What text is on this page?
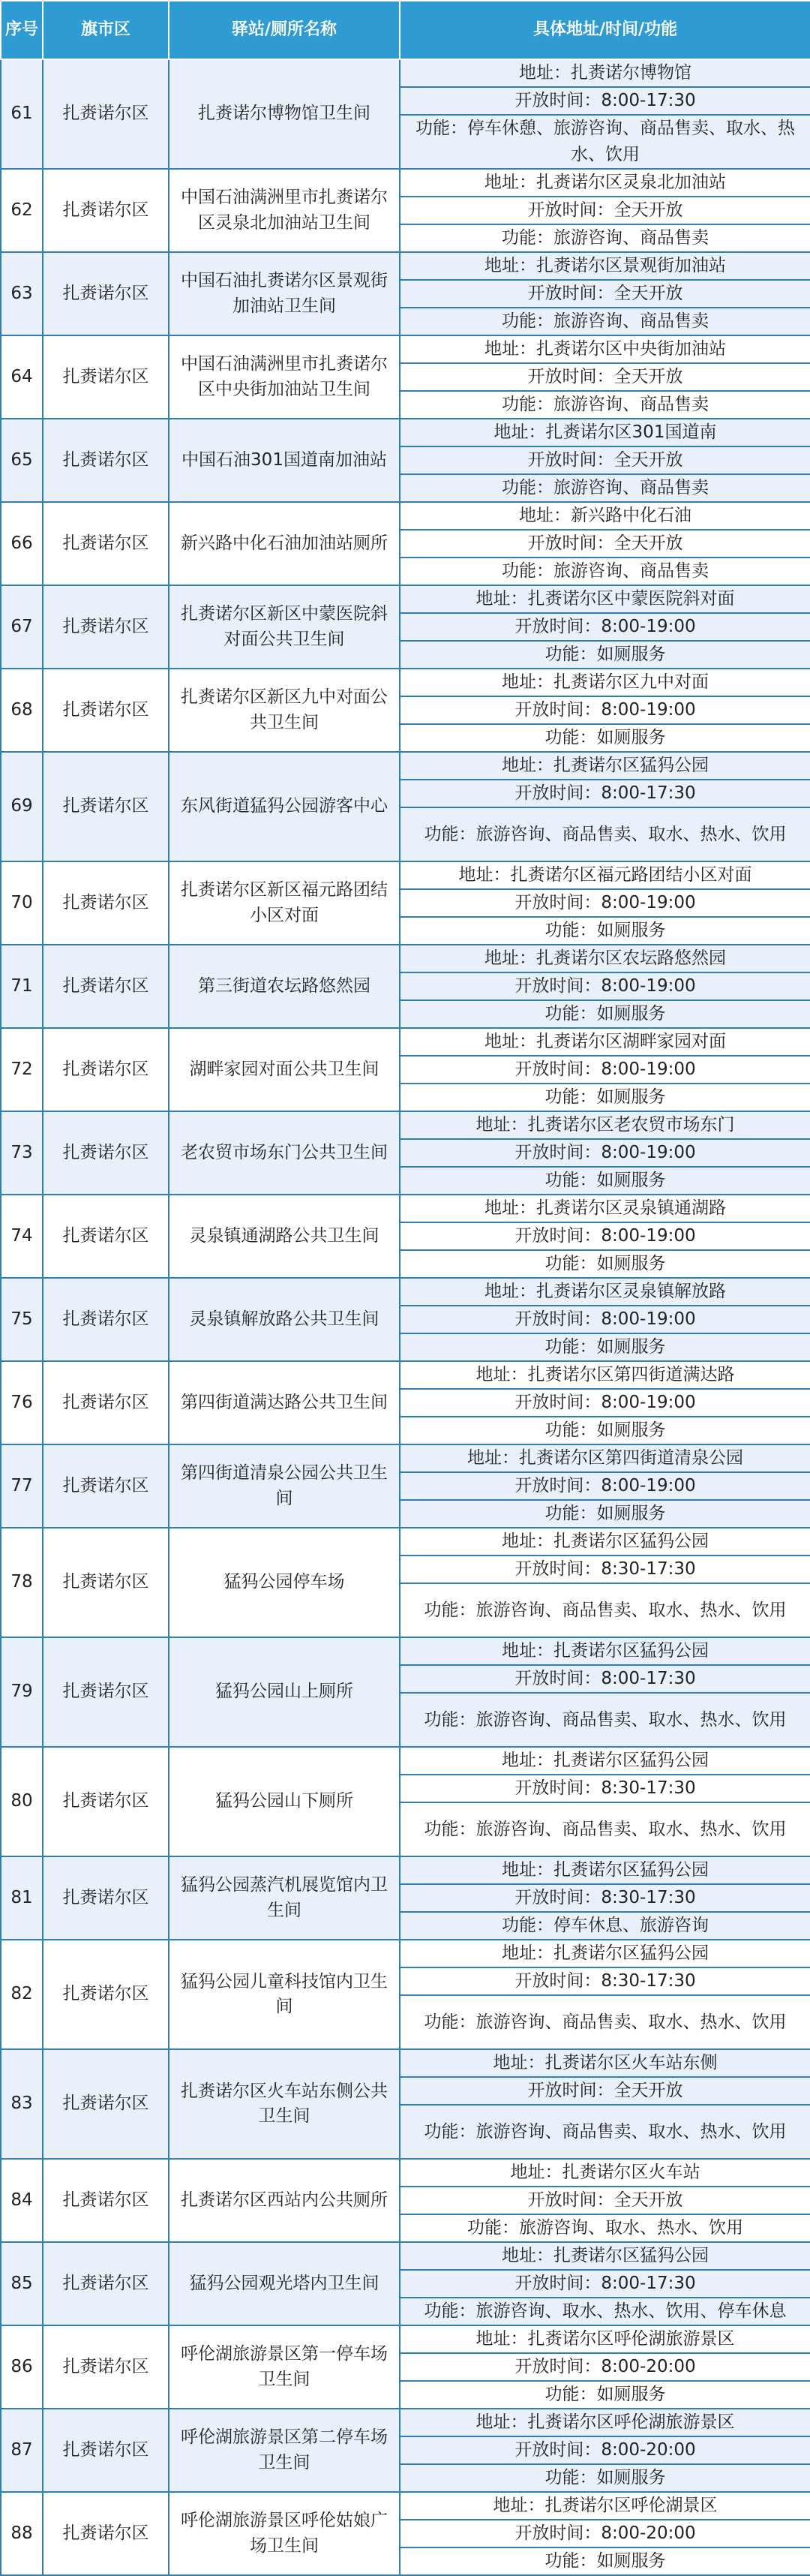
序号	旗市区	驿站/厕所名称	具体地址/时间/功能
61	扎赉诺尔区	扎赉诺尔博物馆卫生间	地址：扎赉诺尔博物馆
			开放时间：8:00-17:30
			功能：停车休憩、旅游咨询、商品售卖、取水、热水、饮用
62	扎赉诺尔区	中国石油满洲里市扎赉诺尔区灵泉北加油站卫生间	地址：扎赉诺尔区灵泉北加油站
			开放时间：全天开放
			功能：旅游咨询、商品售卖
63	扎赉诺尔区	中国石油扎赉诺尔区景观街加油站卫生间	地址：扎赉诺尔区景观街加油站
			开放时间：全天开放
			功能：旅游咨询、商品售卖
64	扎赉诺尔区	中国石油满洲里市扎赉诺尔区中央街加油站卫生间	地址：扎赉诺尔区中央街加油站
			开放时间：全天开放
			功能：旅游咨询、商品售卖
65	扎赉诺尔区	中国石油301国道南加油站	地址：扎赉诺尔区301国道南
			开放时间：全天开放
			功能：旅游咨询、商品售卖
66	扎赉诺尔区	新兴路中化石油加油站厕所	地址：新兴路中化石油
			开放时间：全天开放
			功能：旅游咨询、商品售卖
67	扎赉诺尔区	扎赉诺尔区新区中蒙医院斜对面公共卫生间	地址：扎赉诺尔区中蒙医院斜对面
			开放时间：8:00-19:00
			功能：如厕服务
68	扎赉诺尔区	扎赉诺尔区新区九中对面公共卫生间	地址：扎赉诺尔区九中对面
			开放时间：8:00-19:00
			功能：如厕服务
69	扎赉诺尔区	东风街道猛犸公园游客中心	地址：扎赉诺尔区猛犸公园
			开放时间：8:00-17:30
			功能：旅游咨询、商品售卖、取水、热水、饮用
70	扎赉诺尔区	扎赉诺尔区新区福元路团结小区对面	地址：扎赉诺尔区福元路团结小区对面
			开放时间：8:00-19:00
			功能：如厕服务
71	扎赉诺尔区	第三街道农坛路悠然园	地址：扎赉诺尔区农坛路悠然园
			开放时间：8:00-19:00
			功能：如厕服务
72	扎赉诺尔区	湖畔家园对面公共卫生间	地址：扎赉诺尔区湖畔家园对面
			开放时间：8:00-19:00
			功能：如厕服务
73	扎赉诺尔区	老农贸市场东门公共卫生间	地址：扎赉诺尔区老农贸市场东门
			开放时间：8:00-19:00
			功能：如厕服务
74	扎赉诺尔区	灵泉镇通湖路公共卫生间	地址：扎赉诺尔区灵泉镇通湖路
			开放时间：8:00-19:00
			功能：如厕服务
75	扎赉诺尔区	灵泉镇解放路公共卫生间	地址：扎赉诺尔区灵泉镇解放路
			开放时间：8:00-19:00
			功能：如厕服务
76	扎赉诺尔区	第四街道满达路公共卫生间	地址：扎赉诺尔区第四街道满达路
			开放时间：8:00-19:00
			功能：如厕服务
77	扎赉诺尔区	第四街道清泉公园公共卫生间	地址：扎赉诺尔区第四街道清泉公园
			开放时间：8:00-19:00
			功能：如厕服务
78	扎赉诺尔区	猛犸公园停车场	地址：扎赉诺尔区猛犸公园
			开放时间：8:30-17:30
			功能：旅游咨询、商品售卖、取水、热水、饮用
79	扎赉诺尔区	猛犸公园山上厕所	地址：扎赉诺尔区猛犸公园
			开放时间：8:00-17:30
			功能：旅游咨询、商品售卖、取水、热水、饮用
80	扎赉诺尔区	猛犸公园山下厕所	地址：扎赉诺尔区猛犸公园
			开放时间：8:30-17:30
			功能：旅游咨询、商品售卖、取水、热水、饮用
81	扎赉诺尔区	猛犸公园蒸汽机展览馆内卫生间	地址：扎赉诺尔区猛犸公园
			开放时间：8:30-17:30
			功能：停车休息、旅游咨询
82	扎赉诺尔区	猛犸公园儿童科技馆内卫生间	地址：扎赉诺尔区猛犸公园
			开放时间：8:30-17:30
			功能：旅游咨询、商品售卖、取水、热水、饮用
83	扎赉诺尔区	扎赉诺尔区火车站东侧公共卫生间	地址：扎赉诺尔区火车站东侧
			开放时间：全天开放
			功能：旅游咨询、商品售卖、取水、热水、饮用
84	扎赉诺尔区	扎赉诺尔区西站内公共厕所	地址：扎赉诺尔区火车站
			开放时间：全天开放
			功能：旅游咨询、取水、热水、饮用
85	扎赉诺尔区	猛犸公园观光塔内卫生间	地址：扎赉诺尔区猛犸公园
			开放时间：8:00-17:30
			功能：旅游咨询、取水、热水、饮用、停车休息
86	扎赉诺尔区	呼伦湖旅游景区第一停车场卫生间	地址：扎赉诺尔区呼伦湖旅游景区
			开放时间：8:00-20:00
			功能：如厕服务
87	扎赉诺尔区	呼伦湖旅游景区第二停车场卫生间	地址：扎赉诺尔区呼伦湖旅游景区
			开放时间：8:00-20:00
			功能：如厕服务
88	扎赉诺尔区	呼伦湖旅游景区呼伦姑娘广场卫生间	地址：扎赉诺尔区呼伦湖景区
			开放时间：8:00-20:00
			功能：如厕服务
